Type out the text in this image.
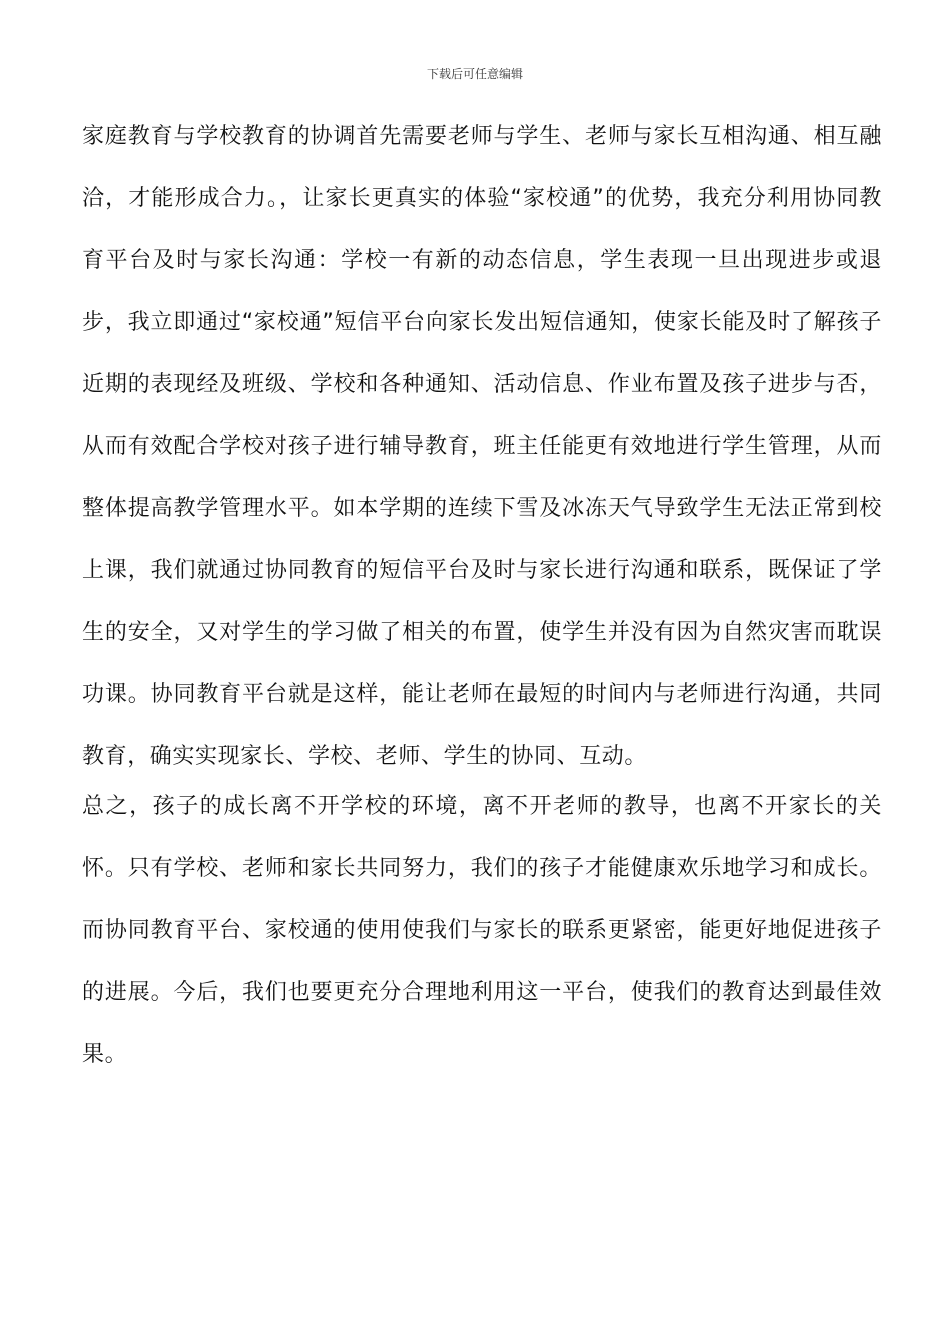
下载后可任意编辑

家庭教育与学校教育的协调首先需要老师与学生、老师与家长互相沟通、相互融洽，才能形成合力。，让家长更真实的体验“家校通”的优势，我充分利用协同教育平台及时与家长沟通：学校一有新的动态信息，学生表现一旦出现进步或退步，我立即通过“家校通”短信平台向家长发出短信通知，使家长能及时了解孩子近期的表现经及班级、学校和各种通知、活动信息、作业布置及孩子进步与否，从而有效配合学校对孩子进行辅导教育，班主任能更有效地进行学生管理，从而整体提高教学管理水平。如本学期的连续下雪及冰冻天气导致学生无法正常到校上课，我们就通过协同教育的短信平台及时与家长进行沟通和联系，既保证了学生的安全，又对学生的学习做了相关的布置，使学生并没有因为自然灾害而耽误功课。协同教育平台就是这样，能让老师在最短的时间内与老师进行沟通，共同教育，确实实现家长、学校、老师、学生的协同、互动。

总之，孩子的成长离不开学校的环境，离不开老师的教导，也离不开家长的关怀。只有学校、老师和家长共同努力，我们的孩子才能健康欢乐地学习和成长。而协同教育平台、家校通的使用使我们与家长的联系更紧密，能更好地促进孩子的进展。今后，我们也要更充分合理地利用这一平台，使我们的教育达到最佳效果。
